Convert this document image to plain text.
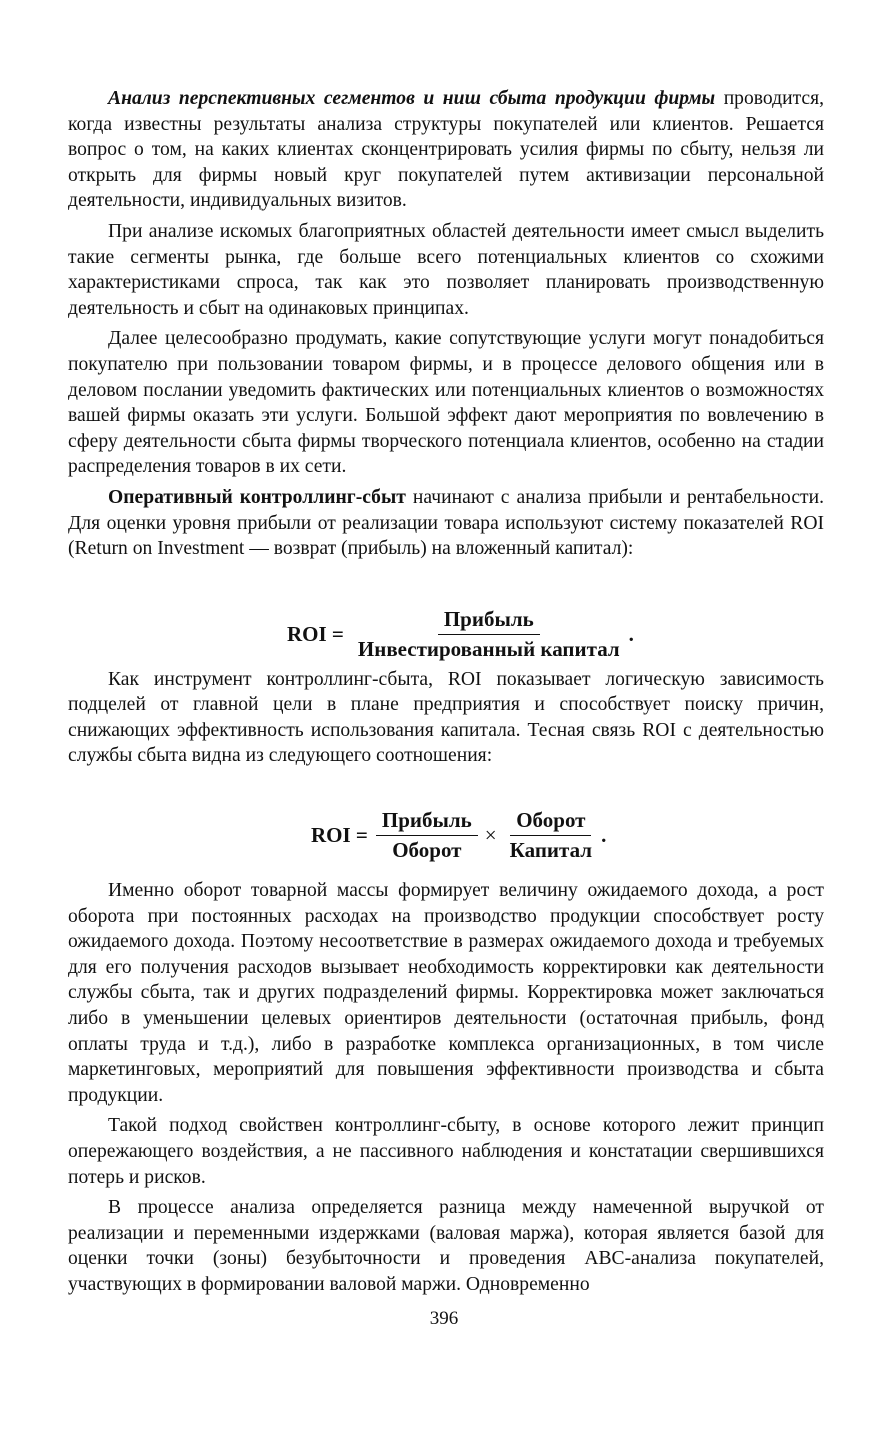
Анализ перспективных сегментов и ниш сбыта продукции фирмы проводится, когда известны результаты анализа структуры покупателей или клиентов. Решается вопрос о том, на каких клиентах сконцентрировать усилия фирмы по сбыту, нельзя ли открыть для фирмы новый круг покупателей путем активизации персональной деятельности, индивидуальных визитов.

При анализе искомых благоприятных областей деятельности имеет смысл выделить такие сегменты рынка, где больше всего потенциальных клиентов со схожими характеристиками спроса, так как это позволяет планировать производственную деятельность и сбыт на одинаковых принципах.

Далее целесообразно продумать, какие сопутствующие услуги могут понадобиться покупателю при пользовании товаром фирмы, и в процессе делового общения или в деловом послании уведомить фактических или потенциальных клиентов о возможностях вашей фирмы оказать эти услуги. Большой эффект дают мероприятия по вовлечению в сферу деятельности сбыта фирмы творческого потенциала клиентов, особенно на стадии распределения товаров в их сети.

Оперативный контроллинг-сбыт начинают с анализа прибыли и рентабельности. Для оценки уровня прибыли от реализации товара используют систему показателей ROI (Return on Investment — возврат (прибыль) на вложенный капитал):

Как инструмент контроллинг-сбыта, ROI показывает логическую зависимость подцелей от главной цели в плане предприятия и способствует поиску причин, снижающих эффективность использования капитала. Тесная связь ROI с деятельностью службы сбыта видна из следующего соотношения:

Именно оборот товарной массы формирует величину ожидаемого дохода, а рост оборота при постоянных расходах на производство продукции способствует росту ожидаемого дохода. Поэтому несоответствие в размерах ожидаемого дохода и требуемых для его получения расходов вызывает необходимость корректировки как деятельности службы сбыта, так и других подразделений фирмы. Корректировка может заключаться либо в уменьшении целевых ориентиров деятельности (остаточная прибыль, фонд оплаты труда и т.д.), либо в разработке комплекса организационных, в том числе маркетинговых, мероприятий для повышения эффективности производства и сбыта продукции.

Такой подход свойствен контроллинг-сбыту, в основе которого лежит принцип опережающего воздействия, а не пассивного наблюдения и констатации свершившихся потерь и рисков.

В процессе анализа определяется разница между намеченной выручкой от реализации и переменными издержками (валовая маржа), которая является базой для оценки точки (зоны) безубыточности и проведения ABC-анализа покупателей, участвующих в формировании валовой маржи. Одновременно

ROI = $\frac{\text{Прибыль}}{\text{Инвестированный капитал}}$ .
ROI = $\frac{\text{Прибыль}}{\text{Оборот}} \times \frac{\text{Оборот}}{\text{Капитал}}$ .
396
